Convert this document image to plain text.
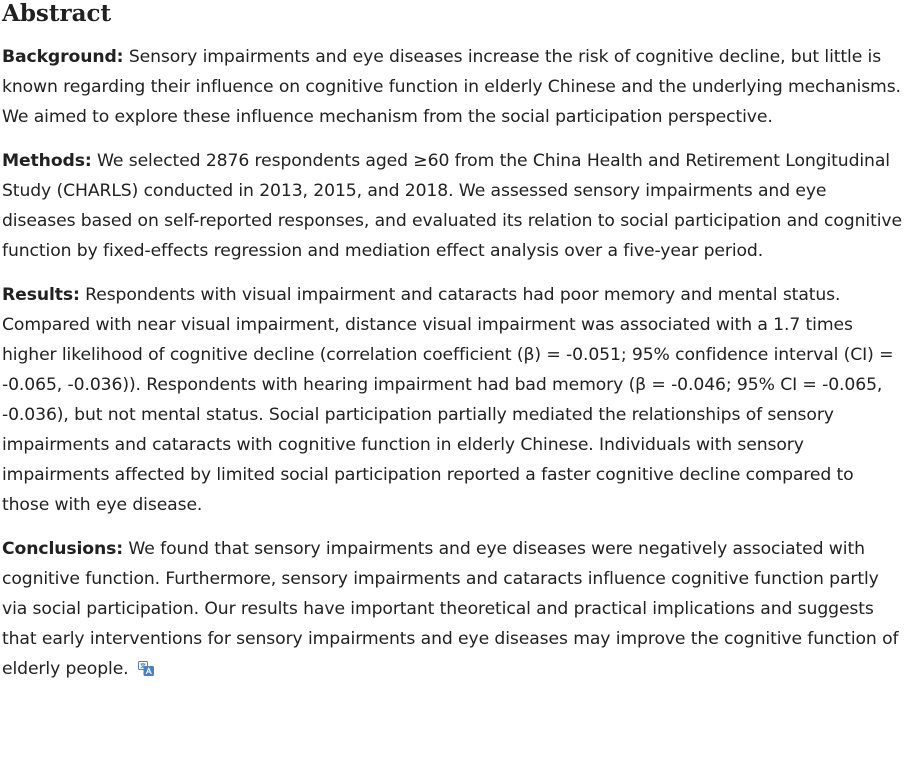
Abstract

Background: Sensory impairments and eye diseases increase the risk of cognitive decline, but little is known regarding their influence on cognitive function in elderly Chinese and the underlying mechanisms. We aimed to explore these influence mechanism from the social participation perspective.

Methods: We selected 2876 respondents aged ≥60 from the China Health and Retirement Longitudinal Study (CHARLS) conducted in 2013, 2015, and 2018. We assessed sensory impairments and eye diseases based on self-reported responses, and evaluated its relation to social participation and cognitive function by fixed-effects regression and mediation effect analysis over a five-year period.

Results: Respondents with visual impairment and cataracts had poor memory and mental status. Compared with near visual impairment, distance visual impairment was associated with a 1.7 times higher likelihood of cognitive decline (correlation coefficient (β) = -0.051; 95% confidence interval (CI) = -0.065, -0.036)). Respondents with hearing impairment had bad memory (β = -0.046; 95% CI = -0.065, -0.036), but not mental status. Social participation partially mediated the relationships of sensory impairments and cataracts with cognitive function in elderly Chinese. Individuals with sensory impairments affected by limited social participation reported a faster cognitive decline compared to those with eye disease.

Conclusions: We found that sensory impairments and eye diseases were negatively associated with cognitive function. Furthermore, sensory impairments and cataracts influence cognitive function partly via social participation. Our results have important theoretical and practical implications and suggests that early interventions for sensory impairments and eye diseases may improve the cognitive function of elderly people.
